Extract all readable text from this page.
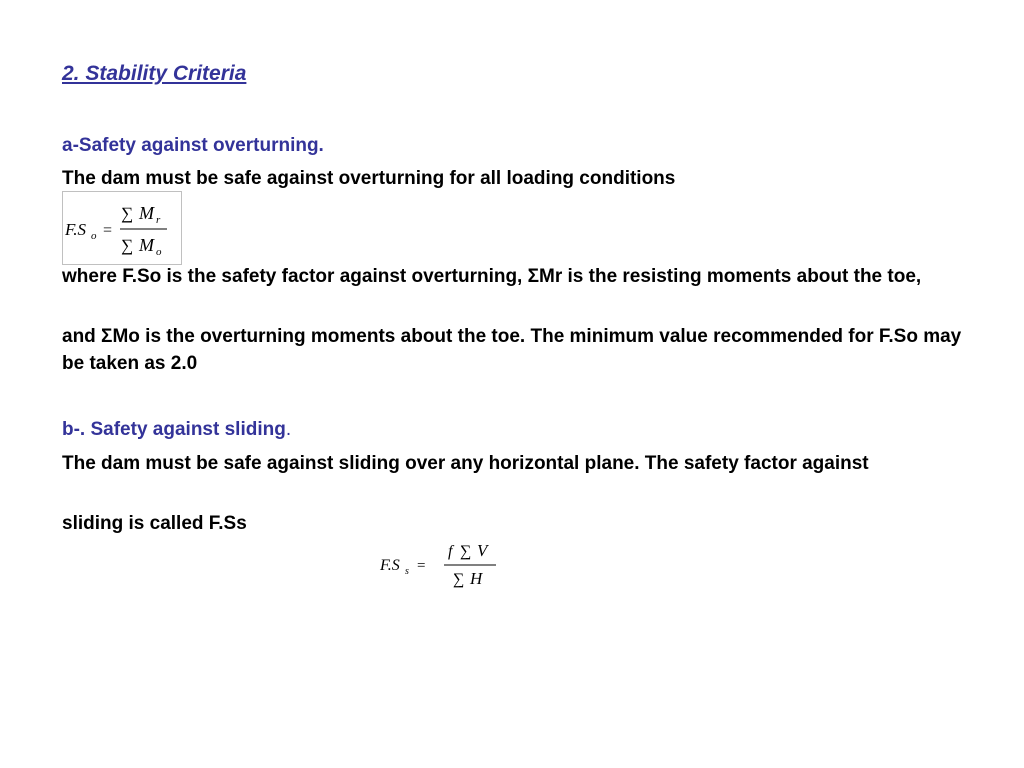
2. Stability Criteria
a-Safety against overturning.
The dam must be safe against overturning for all loading conditions
F.S o =
∑ M r
∑ M o
where F.So is the safety factor against overturning, ΣMr is the resisting moments about the toe,
and ΣMo is the overturning moments about the toe. The minimum value recommended for F.So may be taken as 2.0
b-. Safety against sliding.
The dam must be safe against sliding over any horizontal plane. The safety factor against
sliding is called F.Ss
F.S s =
f ∑ V
∑ H
